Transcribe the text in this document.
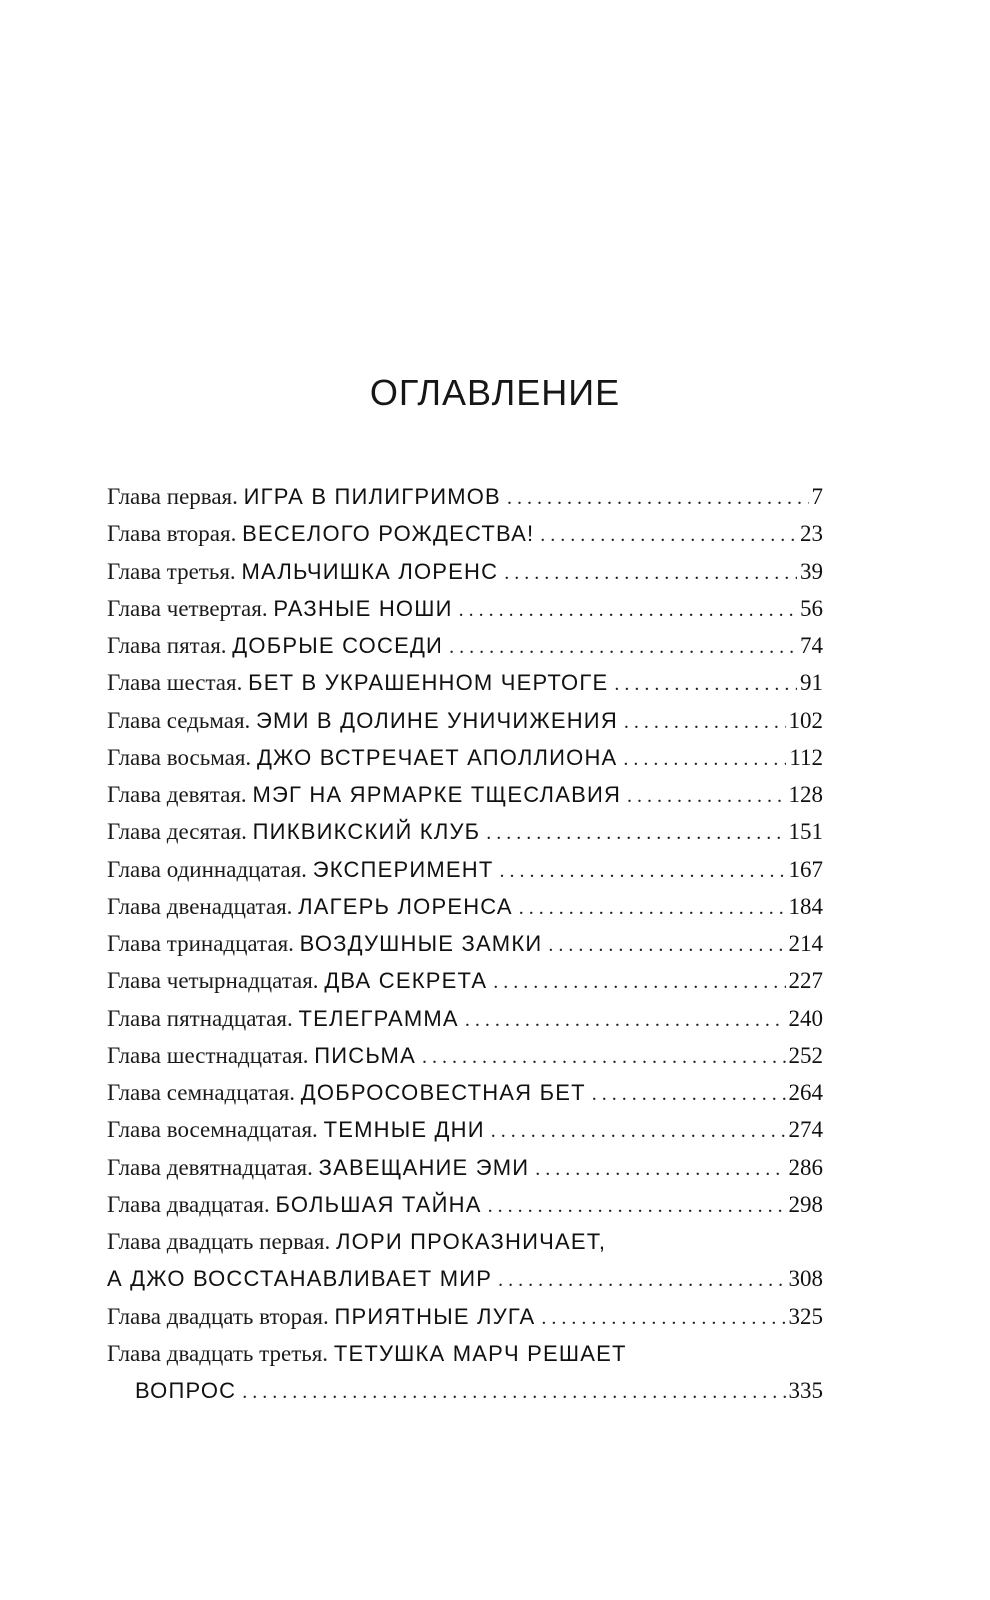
ОГЛАВЛЕНИЕ
Глава первая. ИГРА В ПИЛИГРИМОВ . . .	7
Глава вторая. ВЕСЕЛОГО РОЖДЕСТВА! . . .	23
Глава третья. МАЛЬЧИШКА ЛОРЕНС . . .	39
Глава четвертая. РАЗНЫЕ НОШИ . . .	56
Глава пятая. ДОБРЫЕ СОСЕДИ . . .	74
Глава шестая. БЕТ В УКРАШЕННОМ ЧЕРТОГЕ . . .	91
Глава седьмая. ЭМИ В ДОЛИНЕ УНИЧИЖЕНИЯ . . .	102
Глава восьмая. ДЖО ВСТРЕЧАЕТ АПОЛЛИОНА . . .	112
Глава девятая. МЭГ НА ЯРМАРКЕ ТЩЕСЛАВИЯ . . .	128
Глава десятая. ПИКВИКСКИЙ КЛУБ . . .	151
Глава одиннадцатая. ЭКСПЕРИМЕНТ . . .	167
Глава двенадцатая. ЛАГЕРЬ ЛОРЕНСА . . .	184
Глава тринадцатая. ВОЗДУШНЫЕ ЗАМКИ . . .	214
Глава четырнадцатая. ДВА СЕКРЕТА . . .	227
Глава пятнадцатая. ТЕЛЕГРАММА . . .	240
Глава шестнадцатая. ПИСЬМА . . .	252
Глава семнадцатая. ДОБРОСОВЕСТНАЯ БЕТ . . .	264
Глава восемнадцатая. ТЕМНЫЕ ДНИ . . .	274
Глава девятнадцатая. ЗАВЕЩАНИЕ ЭМИ . . .	286
Глава двадцатая. БОЛЬШАЯ ТАЙНА . . .	298
Глава двадцать первая. ЛОРИ ПРОКАЗНИЧАЕТ,
А ДЖО ВОССТАНАВЛИВАЕТ МИР . . .	308
Глава двадцать вторая. ПРИЯТНЫЕ ЛУГА . . .	325
Глава двадцать третья. ТЕТУШКА МАРЧ РЕШАЕТ
ВОПРОС . . .	335
